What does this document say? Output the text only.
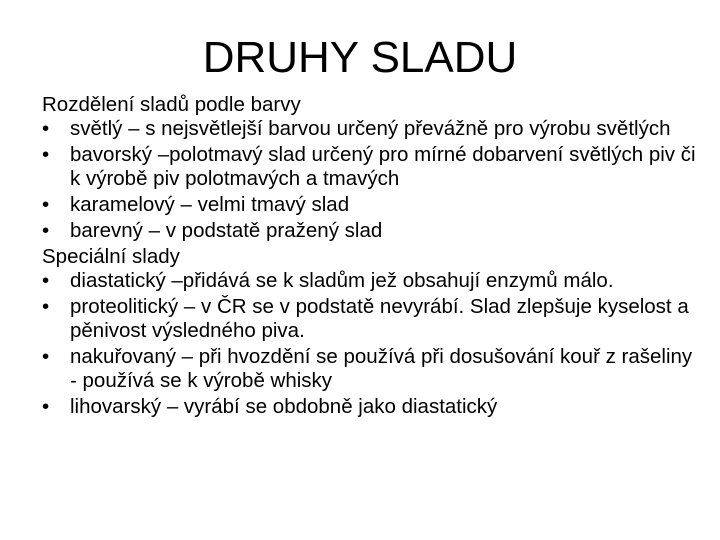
DRUHY SLADU
Rozdělení sladů podle barvy
•	světlý – s nejsvětlejší barvou určený převážně pro výrobu světlých
•	bavorský –polotmavý slad určený pro mírné dobarvení světlých piv či k výrobě piv polotmavých a tmavých
•	karamelový – velmi tmavý slad
•	barevný – v podstatě pražený slad
Speciální slady
•	diastatický –přidává se k sladům jež obsahují enzymů málo.
•	proteolitický – v ČR se v podstatě nevyrábí. Slad zlepšuje kyselost a pěnivost výsledného piva.
•	nakuřovaný – při hvozdění se používá při dosušování kouř z rašeliny - používá se k výrobě whisky
•	lihovarský – vyrábí se obdobně jako diastatický
